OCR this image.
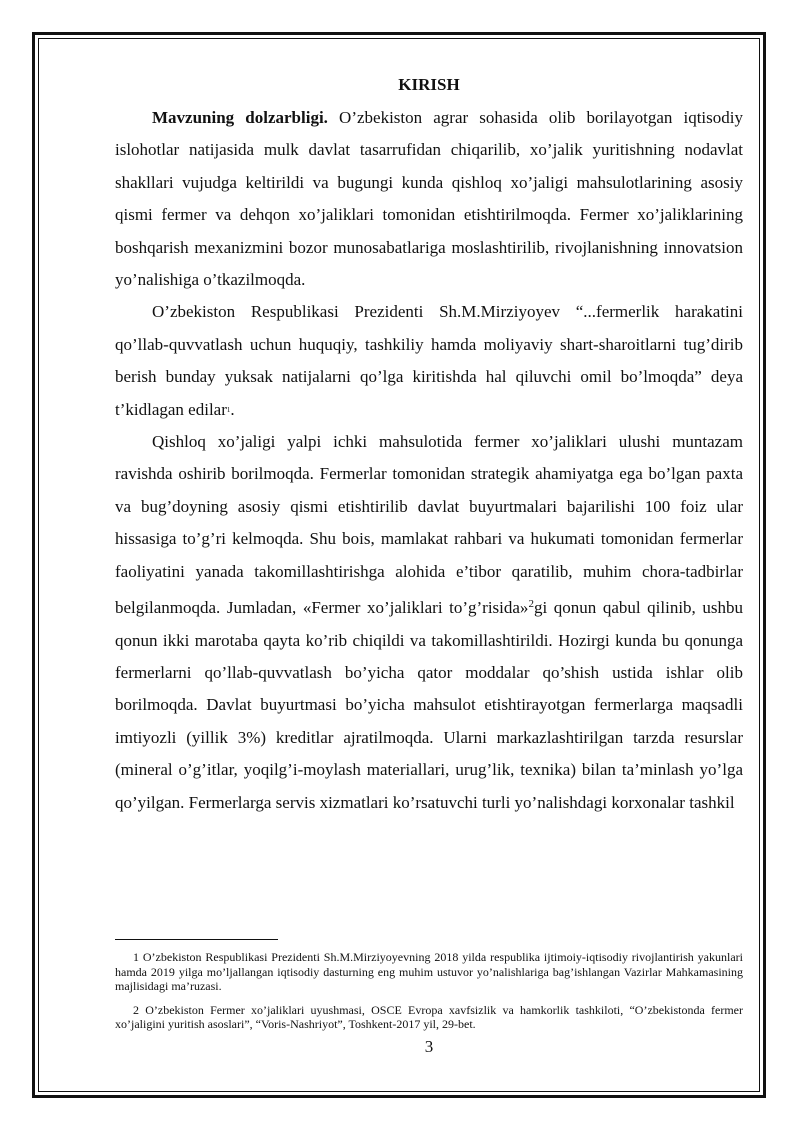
KIRISH

Mavzuning dolzarbligi. O’zbekiston agrar sohasida olib borilayotgan iqtisodiy islohotlar natijasida mulk davlat tasarrufidan chiqarilib, xo’jalik yuritishning nodavlat shakllari vujudga keltirildi va bugungi kunda qishloq xo’jaligi mahsulotlarining asosiy qismi fermer va dehqon xo’jaliklari tomonidan etishtirilmoqda. Fermer xo’jaliklarining boshqarish mexanizmini bozor munosabatlariga moslashtirilib, rivojlanishning innovatsion yo’nalishiga o’tkazilmoqda.

O’zbekiston Respublikasi Prezidenti Sh.M.Mirziyoyev “...fermerlik harakatini qo’llab-quvvatlash uchun huquqiy, tashkiliy hamda moliyaviy shart-sharoitlarni tug’dirib berish bunday yuksak natijalarni qo’lga kiritishda hal qiluvchi omil bo’lmoqda” deya t’kidlagan edilar1.

Qishloq xo’jaligi yalpi ichki mahsulotida fermer xo’jaliklari ulushi muntazam ravishda oshirib borilmoqda. Fermerlar tomonidan strategik ahamiyatga ega bo’lgan paxta va bug’doyning asosiy qismi etishtirilib davlat buyurtmalari bajarilishi 100 foiz ular hissasiga to’g’ri kelmoqda. Shu bois, mamlakat rahbari va hukumati tomonidan fermerlar faoliyatini yanada takomillashtirishga alohida e’tibor qaratilib, muhim chora-tadbirlar belgilanmoqda. Jumladan, «Fermer xo’jaliklari to’g’risida»$^2$gi qonun qabul qilinib, ushbu qonun ikki marotaba qayta ko’rib chiqildi va takomillashtirildi. Hozirgi kunda bu qonunga fermerlarni qo’llab-quvvatlash bo’yicha qator moddalar qo’shish ustida ishlar olib borilmoqda. Davlat buyurtmasi bo’yicha mahsulot etishtirayotgan fermerlarga maqsadli imtiyozli (yillik 3%) kreditlar ajratilmoqda. Ularni markazlashtirilgan tarzda resurslar (mineral o’g’itlar, yoqilg’i-moylash materiallari, urug’lik, texnika) bilan ta’minlash yo’lga qo’yilgan. Fermerlarga servis xizmatlari ko’rsatuvchi turli yo’nalishdagi korxonalar tashkil

1 O’zbekiston Respublikasi Prezidenti Sh.M.Mirziyoyevning 2018 yilda respublika ijtimoiy-iqtisodiy rivojlantirish yakunlari hamda 2019 yilga mo’ljallangan iqtisodiy dasturning eng muhim ustuvor yo’nalishlariga bag’ishlangan Vazirlar Mahkamasining majlisidagi ma’ruzasi.

2 O’zbekiston Fermer xo’jaliklari uyushmasi, OSCE Evropa xavfsizlik va hamkorlik tashkiloti, “O’zbekistonda fermer xo’jaligini yuritish asoslari”, “Voris-Nashriyot”, Toshkent-2017 yil, 29-bet.

3
